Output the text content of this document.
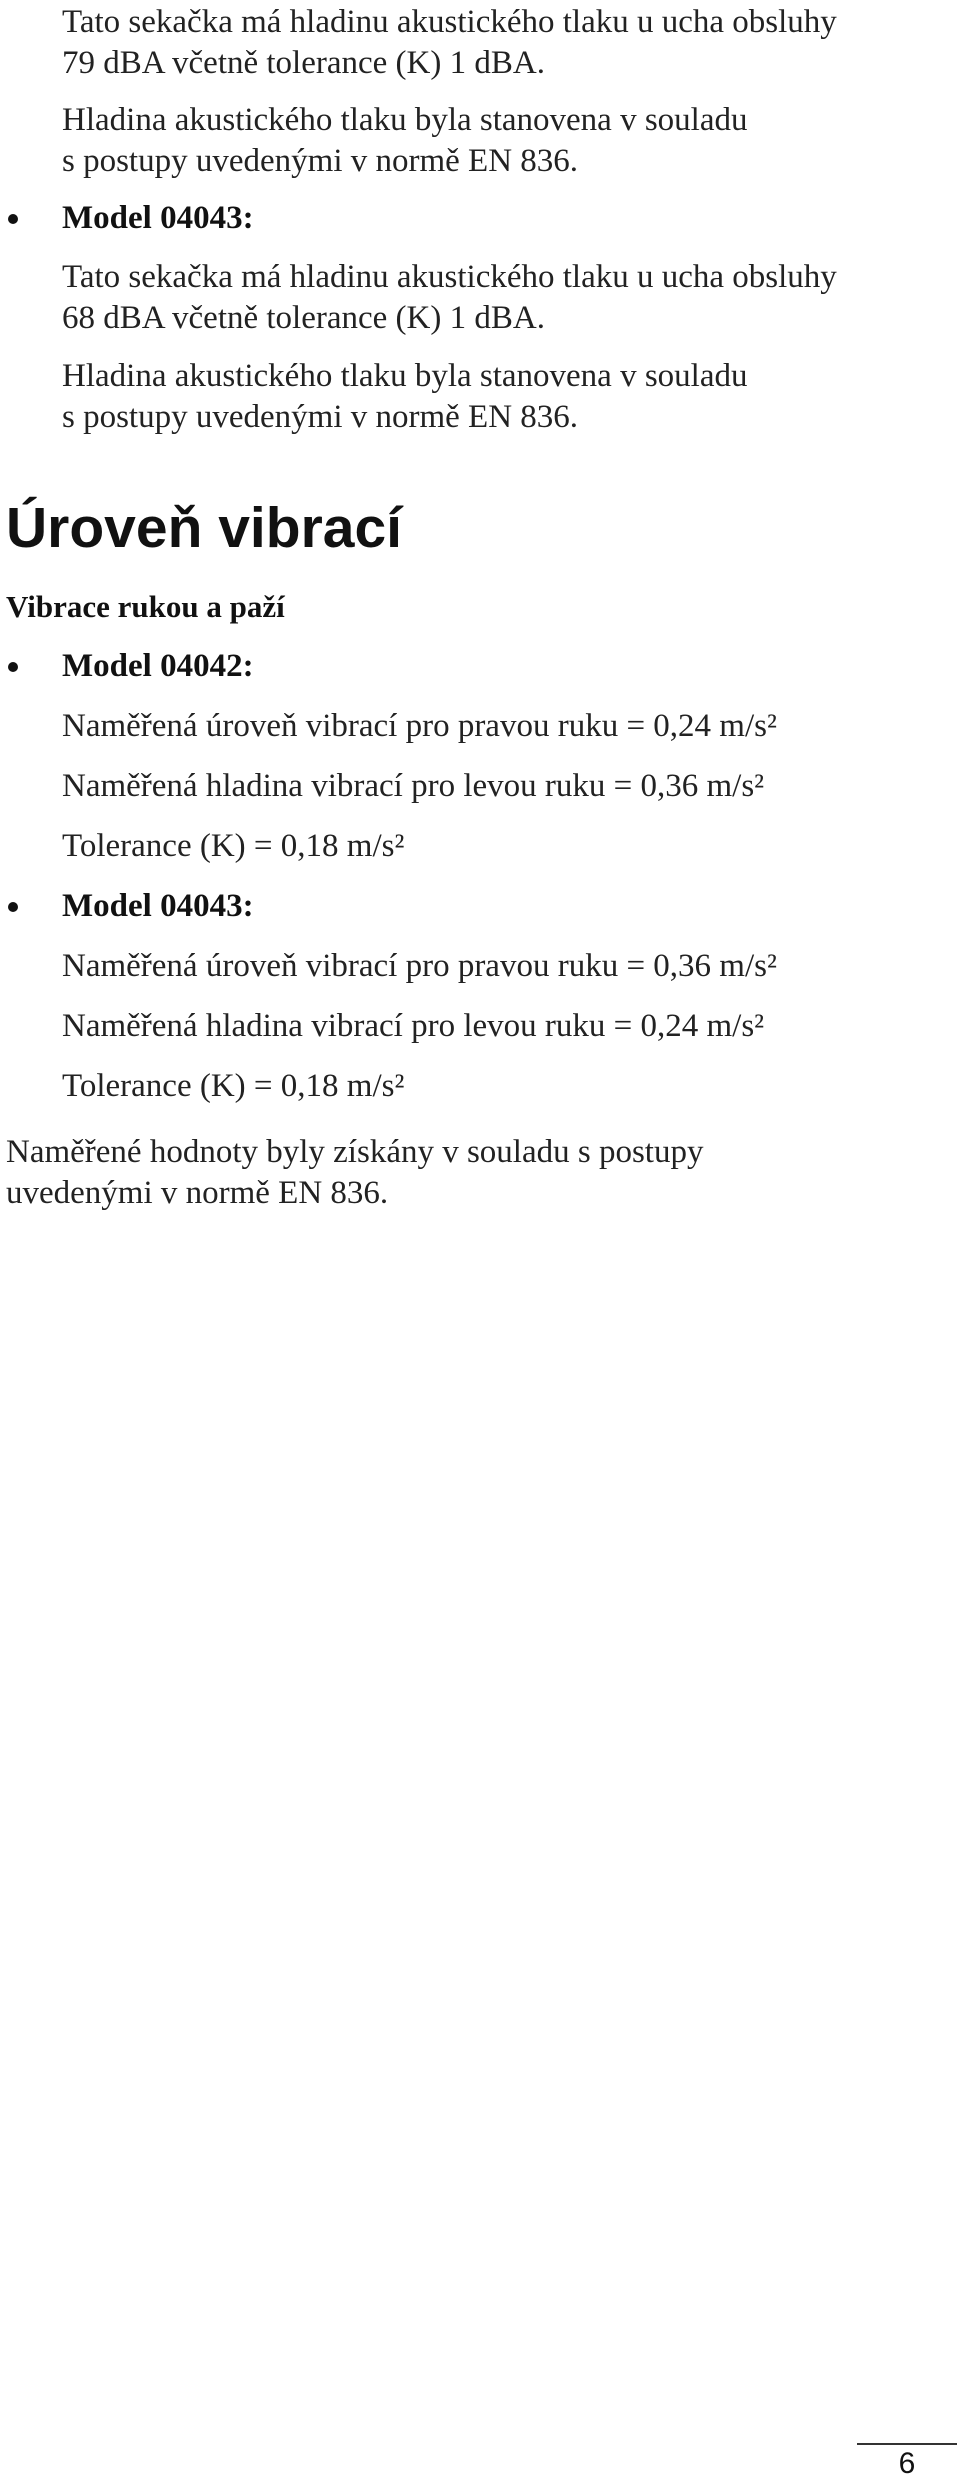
Tato sekačka má hladinu akustického tlaku u ucha obsluhy
79 dBA včetně tolerance (K) 1 dBA.

Hladina akustického tlaku byla stanovena v souladu
s postupy uvedenými v normě EN 836.

Model 04043:

Tato sekačka má hladinu akustického tlaku u ucha obsluhy
68 dBA včetně tolerance (K) 1 dBA.

Hladina akustického tlaku byla stanovena v souladu
s postupy uvedenými v normě EN 836.

Úroveň vibrací
Vibrace rukou a paží
Model 04042:

Naměřená úroveň vibrací pro pravou ruku = 0,24 m/s²

Naměřená hladina vibrací pro levou ruku = 0,36 m/s²

Tolerance (K) = 0,18 m/s²

Model 04043:

Naměřená úroveň vibrací pro pravou ruku = 0,36 m/s²

Naměřená hladina vibrací pro levou ruku = 0,24 m/s²

Tolerance (K) = 0,18 m/s²

Naměřené hodnoty byly získány v souladu s postupy
uvedenými v normě EN 836.

6
